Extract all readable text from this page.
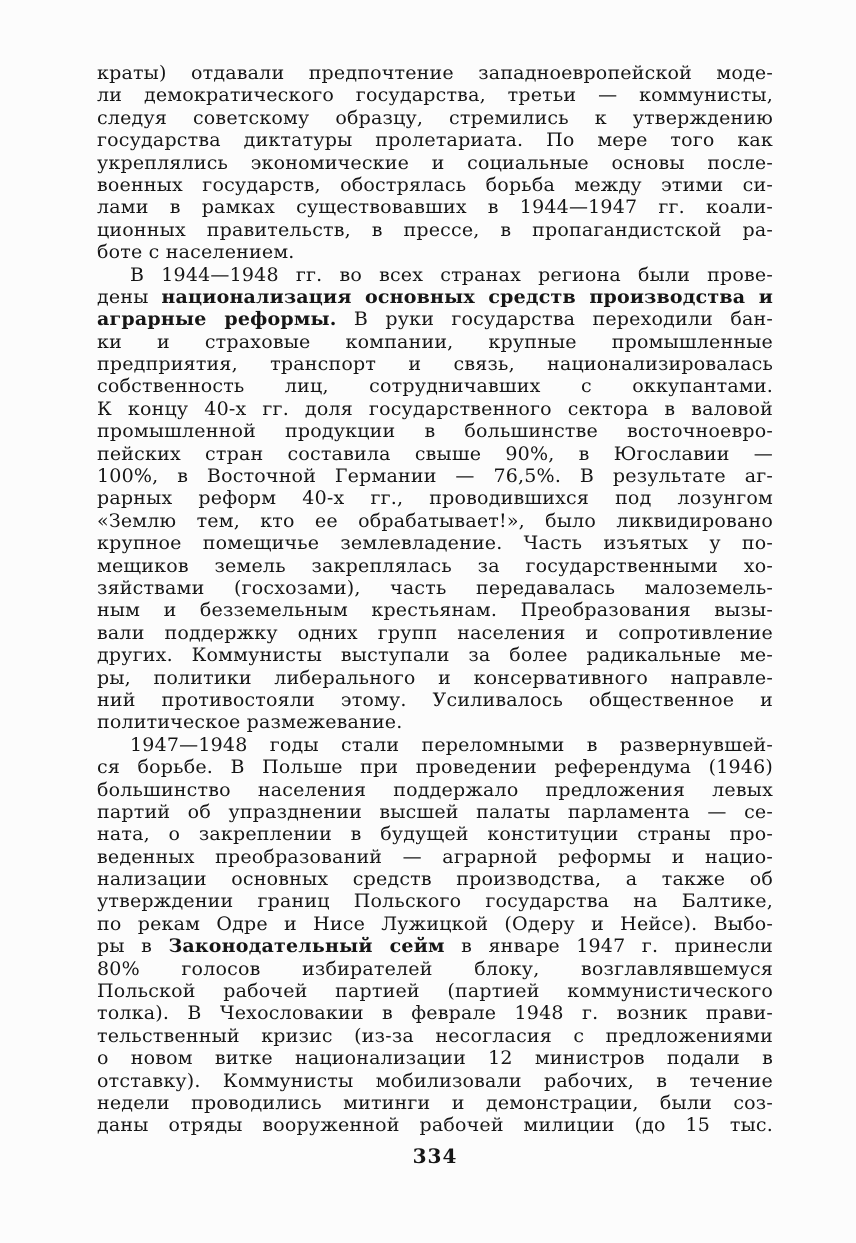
краты) отдавали предпочтение западноевропейской моде-
ли демократического государства, третьи — коммунисты,
следуя советскому образцу, стремились к утверждению
государства диктатуры пролетариата. По мере того как
укреплялись экономические и социальные основы после-
военных государств, обострялась борьба между этими си-
лами в рамках существовавших в 1944—1947 гг. коали-
ционных правительств, в прессе, в пропагандистской ра-
боте с населением.
В 1944—1948 гг. во всех странах региона были прове-
дены национализация основных средств производства и
аграрные реформы. В руки государства переходили бан-
ки и страховые компании, крупные промышленные
предприятия, транспорт и связь, национализировалась
собственность лиц, сотрудничавших с оккупантами.
К концу 40-х гг. доля государственного сектора в валовой
промышленной продукции в большинстве восточноевро-
пейских стран составила свыше 90%, в Югославии —
100%, в Восточной Германии — 76,5%. В результате аг-
рарных реформ 40-х гг., проводившихся под лозунгом
«Землю тем, кто ее обрабатывает!», было ликвидировано
крупное помещичье землевладение. Часть изъятых у по-
мещиков земель закреплялась за государственными хо-
зяйствами (госхозами), часть передавалась малоземель-
ным и безземельным крестьянам. Преобразования вызы-
вали поддержку одних групп населения и сопротивление
других. Коммунисты выступали за более радикальные ме-
ры, политики либерального и консервативного направле-
ний противостояли этому. Усиливалось общественное и
политическое размежевание.
1947—1948 годы стали переломными в развернувшей-
ся борьбе. В Польше при проведении референдума (1946)
большинство населения поддержало предложения левых
партий об упразднении высшей палаты парламента — се-
ната, о закреплении в будущей конституции страны про-
веденных преобразований — аграрной реформы и нацио-
нализации основных средств производства, а также об
утверждении границ Польского государства на Балтике,
по рекам Одре и Нисе Лужицкой (Одеру и Нейсе). Выбо-
ры в Законодательный сейм в январе 1947 г. принесли
80% голосов избирателей блоку, возглавлявшемуся
Польской рабочей партией (партией коммунистического
толка). В Чехословакии в феврале 1948 г. возник прави-
тельственный кризис (из-за несогласия с предложениями
о новом витке национализации 12 министров подали в
отставку). Коммунисты мобилизовали рабочих, в течение
недели проводились митинги и демонстрации, были соз-
даны отряды вооруженной рабочей милиции (до 15 тыс.
334
